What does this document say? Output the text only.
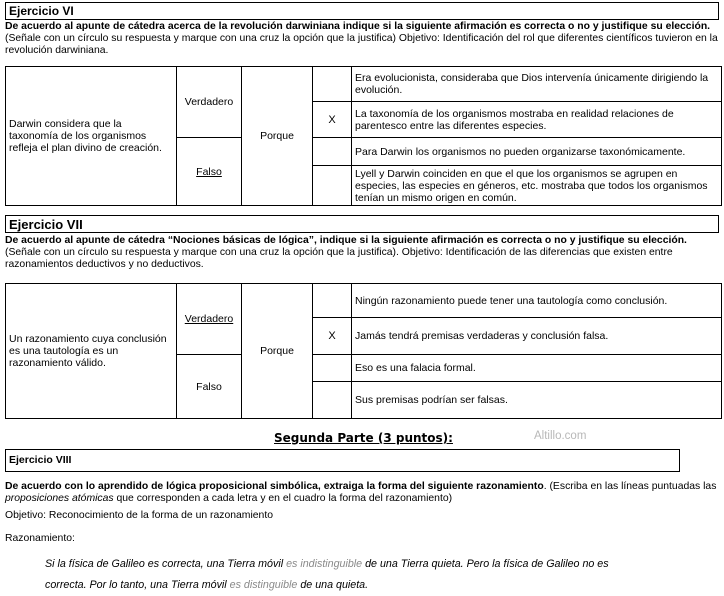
Ejercicio VI
De acuerdo al apunte de cátedra acerca de la revolución darwiniana indique si la siguiente afirmación es correcta o no y justifique su elección. (Señale con un círculo su respuesta y marque con una cruz la opción que la justifica) Objetivo: Identificación del rol que diferentes científicos tuvieron en la revolución darwiniana.
Darwin considera que la taxonomía de los organismos refleja el plan divino de creación.	Verdadero	Porque		Era evolucionista, consideraba que Dios intervenía únicamente dirigiendo la evolución.
			X	La taxonomía de los organismos mostraba en realidad relaciones de parentesco entre las diferentes especies.
	Falso			Para Darwin los organismos no pueden organizarse taxonómicamente.
				Lyell y Darwin coinciden en que el que los organismos se agrupen en especies, las especies en géneros, etc. mostraba que todos los organismos tenían un mismo origen en común.
Ejercicio VII
De acuerdo al apunte de cátedra “Nociones básicas de lógica”, indique si la siguiente afirmación es correcta o no y justifique su elección. (Señale con un círculo su respuesta y marque con una cruz la opción que la justifica). Objetivo: Identificación de las diferencias que existen entre razonamientos deductivos y no deductivos.
Un razonamiento cuya conclusión es una tautología es un razonamiento válido.	Verdadero	Porque		Ningún razonamiento puede tener una tautología como conclusión.
			X	Jamás tendrá premisas verdaderas y conclusión falsa.
	Falso			Eso es una falacia formal.
				Sus premisas podrían ser falsas.
Segunda Parte (3 puntos):	Altillo.com
Ejercicio VIII
De acuerdo con lo aprendido de lógica proposicional simbólica, extraiga la forma del siguiente razonamiento. (Escriba en las líneas puntuadas las proposiciones atómicas que corresponden a cada letra y en el cuadro la forma del razonamiento)
Objetivo: Reconocimiento de la forma de un razonamiento
Razonamiento:
Si la física de Galileo es correcta, una Tierra móvil es indistinguible de una Tierra quieta. Pero la física de Galileo no es
correcta. Por lo tanto, una Tierra móvil es distinguible de una quieta.
